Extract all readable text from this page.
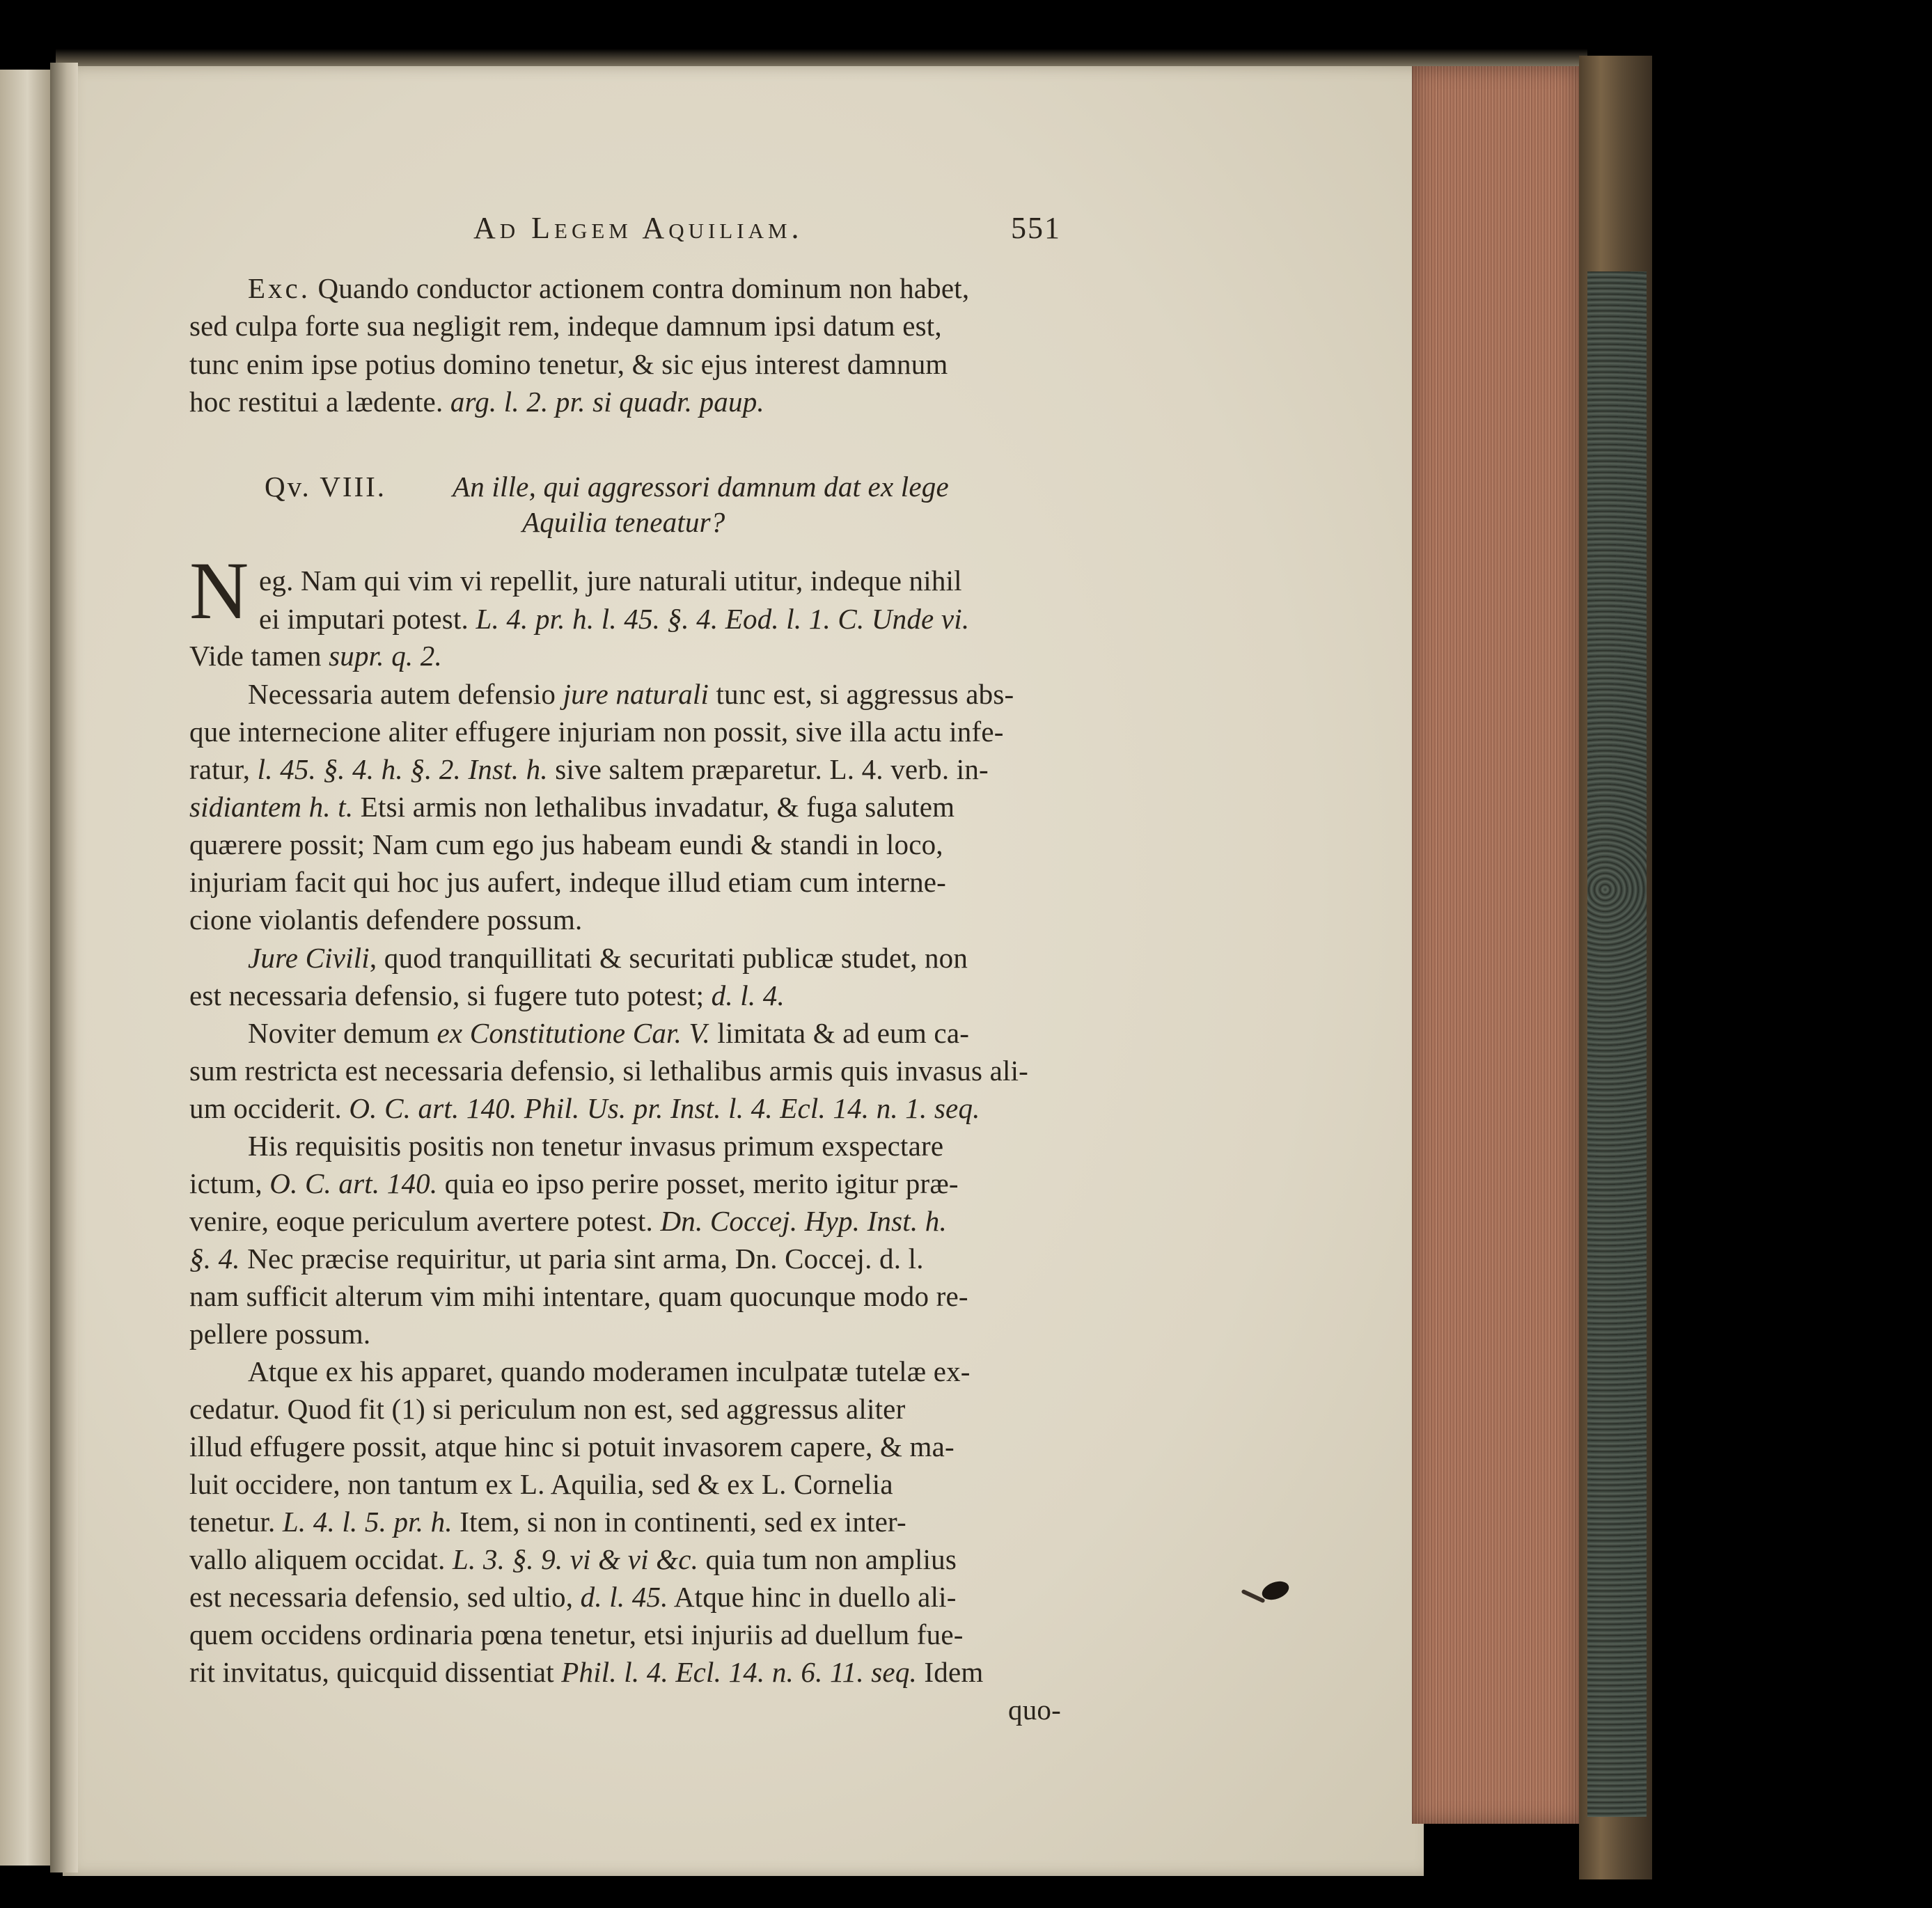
Ad Legem Aquiliam.	551
Exc. Quando conductor actionem contra dominum non habet,
sed culpa forte sua negligit rem, indeque damnum ipsi datum est,
tunc enim ipse potius domino tenetur, & sic ejus interest damnum
hoc restitui a lædente. arg. l. 2. pr. si quadr. paup.
Qv. VIII. An ille, qui aggressori damnum dat ex lege
Aquilia teneatur?
N eg. Nam qui vim vi repellit, jure naturali utitur, indeque nihil
ei imputari potest. L. 4. pr. h. l. 45. §. 4. Eod. l. 1. C. Unde vi.
Vide tamen supr. q. 2.
Necessaria autem defensio jure naturali tunc est, si aggressus abs-
que internecione aliter effugere injuriam non possit, sive illa actu infe-
ratur, l. 45. §. 4. h. §. 2. Inst. h. sive saltem præparetur. L. 4. verb. in-
sidiantem h. t. Etsi armis non lethalibus invadatur, & fuga salutem
quærere possit; Nam cum ego jus habeam eundi & standi in loco,
injuriam facit qui hoc jus aufert, indeque illud etiam cum interne-
cione violantis defendere possum.
Jure Civili, quod tranquillitati & securitati publicæ studet, non
est necessaria defensio, si fugere tuto potest; d. l. 4.
Noviter demum ex Constitutione Car. V. limitata & ad eum ca-
sum restricta est necessaria defensio, si lethalibus armis quis invasus ali-
um occiderit. O. C. art. 140. Phil. Us. pr. Inst. l. 4. Ecl. 14. n. 1. seq.
His requisitis positis non tenetur invasus primum exspectare
ictum, O. C. art. 140. quia eo ipso perire posset, merito igitur præ-
venire, eoque periculum avertere potest. Dn. Coccej. Hyp. Inst. h.
§. 4. Nec præcise requiritur, ut paria sint arma, Dn. Coccej. d. l.
nam sufficit alterum vim mihi intentare, quam quocunque modo re-
pellere possum.
Atque ex his apparet, quando moderamen inculpatæ tutelæ ex-
cedatur. Quod fit (1) si periculum non est, sed aggressus aliter
illud effugere possit, atque hinc si potuit invasorem capere, & ma-
luit occidere, non tantum ex L. Aquilia, sed & ex L. Cornelia
tenetur. L. 4. l. 5. pr. h. Item, si non in continenti, sed ex inter-
vallo aliquem occidat. L. 3. §. 9. vi & vi &c. quia tum non amplius
est necessaria defensio, sed ultio, d. l. 45. Atque hinc in duello ali-
quem occidens ordinaria pœna tenetur, etsi injuriis ad duellum fue-
rit invitatus, quicquid dissentiat Phil. l. 4. Ecl. 14. n. 6. 11. seq. Idem
quo-
